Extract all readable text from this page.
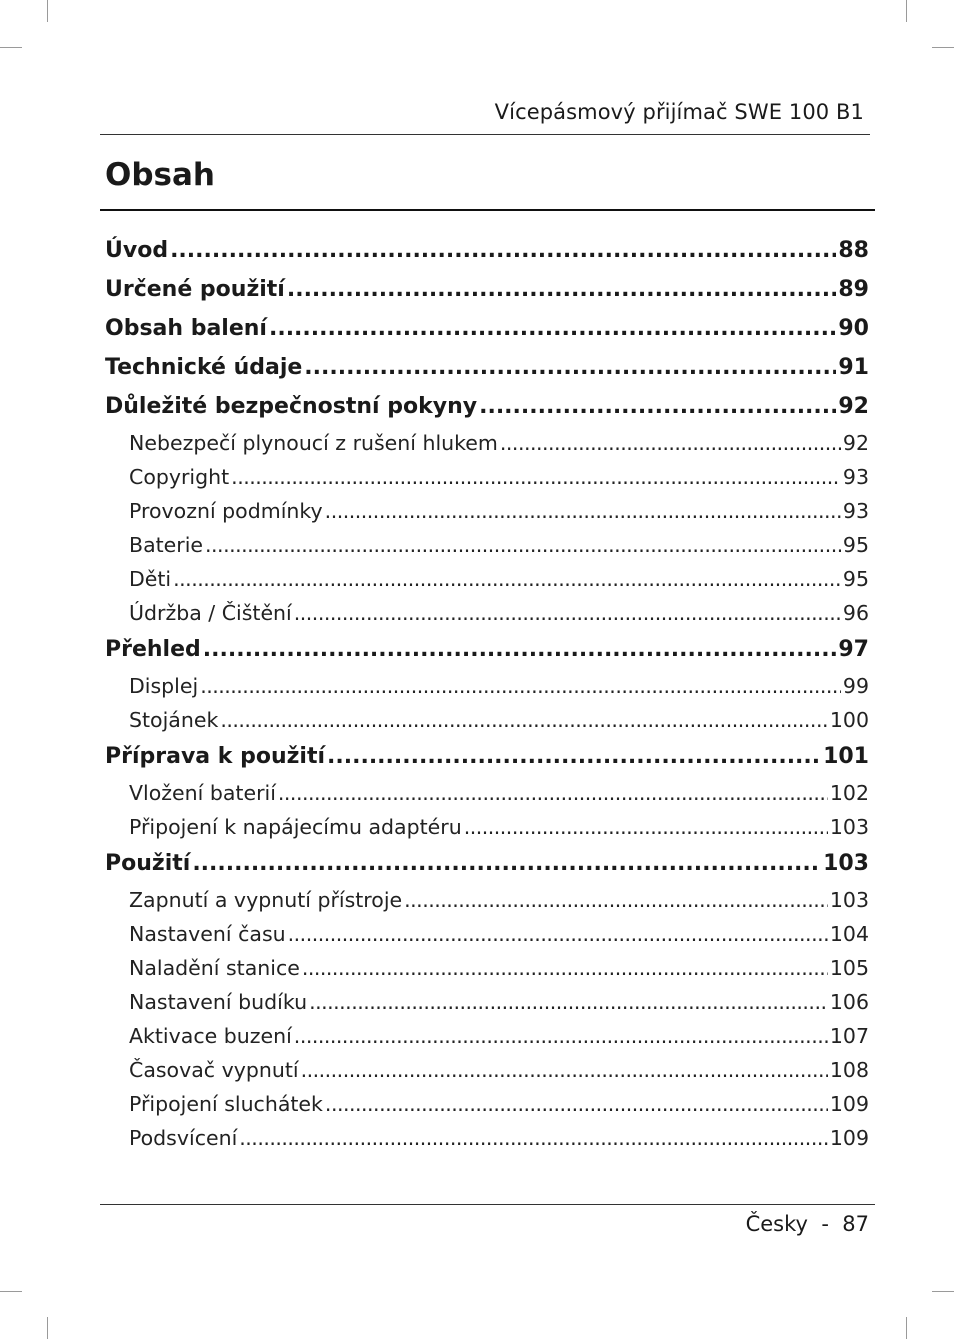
Vícepásmový přijímač SWE 100 B1
Obsah
Úvod .....	88
Určené použití .....	89
Obsah balení .....	90
Technické údaje .....	91
Důležité bezpečnostní pokyny .....	92
Nebezpečí plynoucí z rušení hlukem .....	92
Copyright .....	93
Provozní podmínky .....	93
Baterie .....	95
Děti .....	95
Údržba / Čištění .....	96
Přehled .....	97
Displej .....	99
Stojánek .....	100
Příprava k použití .....	101
Vložení baterií .....	102
Připojení k napájecímu adaptéru .....	103
Použití .....	103
Zapnutí a vypnutí přístroje .....	103
Nastavení času .....	104
Naladění stanice .....	105
Nastavení budíku .....	106
Aktivace buzení .....	107
Časovač vypnutí .....	108
Připojení sluchátek .....	109
Podsvícení .....	109
Česky - 87
